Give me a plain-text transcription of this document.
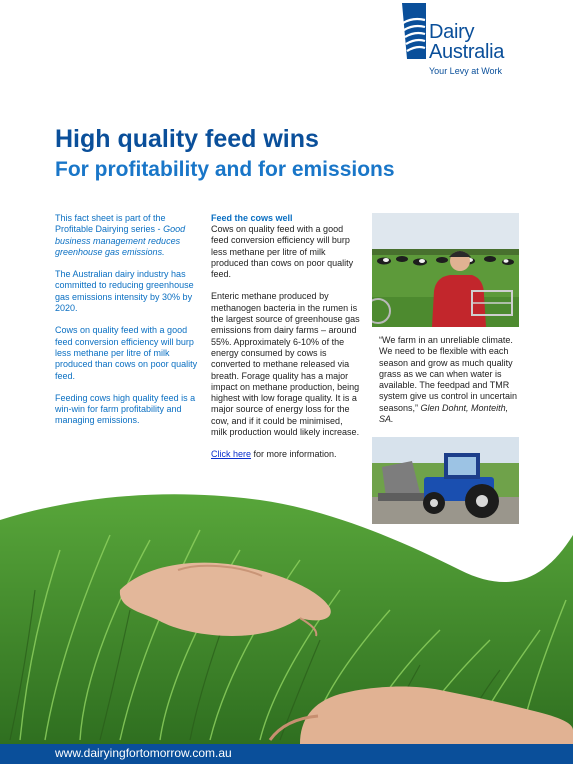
Dairy
Australia
Your Levy at Work
High quality feed wins
For profitability and for emissions

This fact sheet is part of the Profitable Dairying series - Good business management reduces greenhouse gas emissions.

The Australian dairy industry has committed to reducing greenhouse gas emissions intensity by 30% by 2020.

Cows on quality feed with a good feed conversion efficiency will burp less methane per litre of milk produced than cows on poor quality feed.

Feeding cows high quality feed is a win-win for farm profitability and managing emissions.

Feed the cows well

Cows on quality feed with a good feed conversion efficiency will burp less methane per litre of milk produced than cows on poor quality feed.

Enteric methane produced by methanogen bacteria in the rumen is the largest source of greenhouse gas emissions from dairy farms – around 55%. Approximately 6-10% of the energy consumed by cows is converted to methane released via breath. Forage quality has a major impact on methane production, being highest with low forage quality. It is a major source of energy loss for the cow, and if it could be minimised, milk production would likely increase.

Click here for more information.

“We farm in an unreliable climate. We need to be flexible with each season and grow as much quality grass as we can when water is available. The feedpad and TMR system give us control in uncertain seasons,” Glen Dohnt, Monteith, SA.
www.dairyingfortomorrow.com.au
